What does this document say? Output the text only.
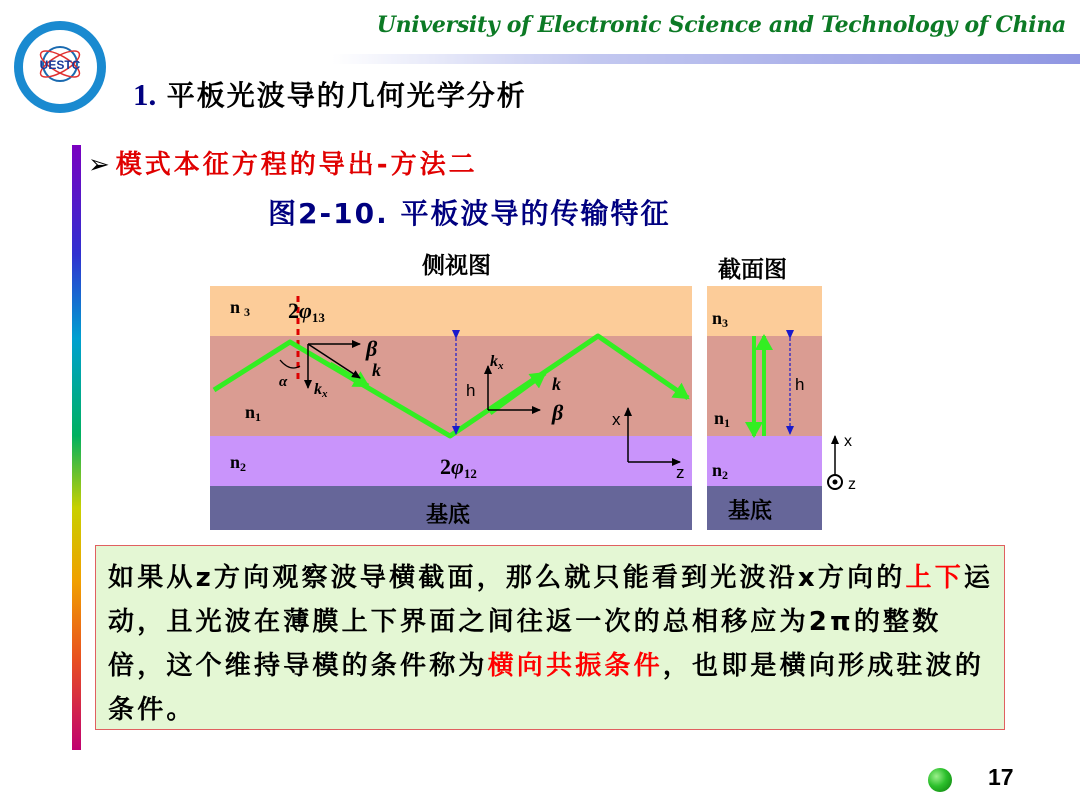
UESTC
1956
University of Electronic Science and Technology of China
1. 平板光波导的几何光学分析
➢ 模式本征方程的导出-方法二
图2-10. 平板波导的传输特征
侧视图	截面图
n 3 2φ13
β
k
α kx
kx
k
β
n1
n2	2φ12
n3
n1
n2
h	h
x
z
x
z
基底	基底
如果从z方向观察波导横截面，那么就只能看到光波沿x方向的上下运动，且光波在薄膜上下界面之间往返一次的总相移应为2π的整数倍，这个维持导模的条件称为横向共振条件，也即是横向形成驻波的条件。
17
